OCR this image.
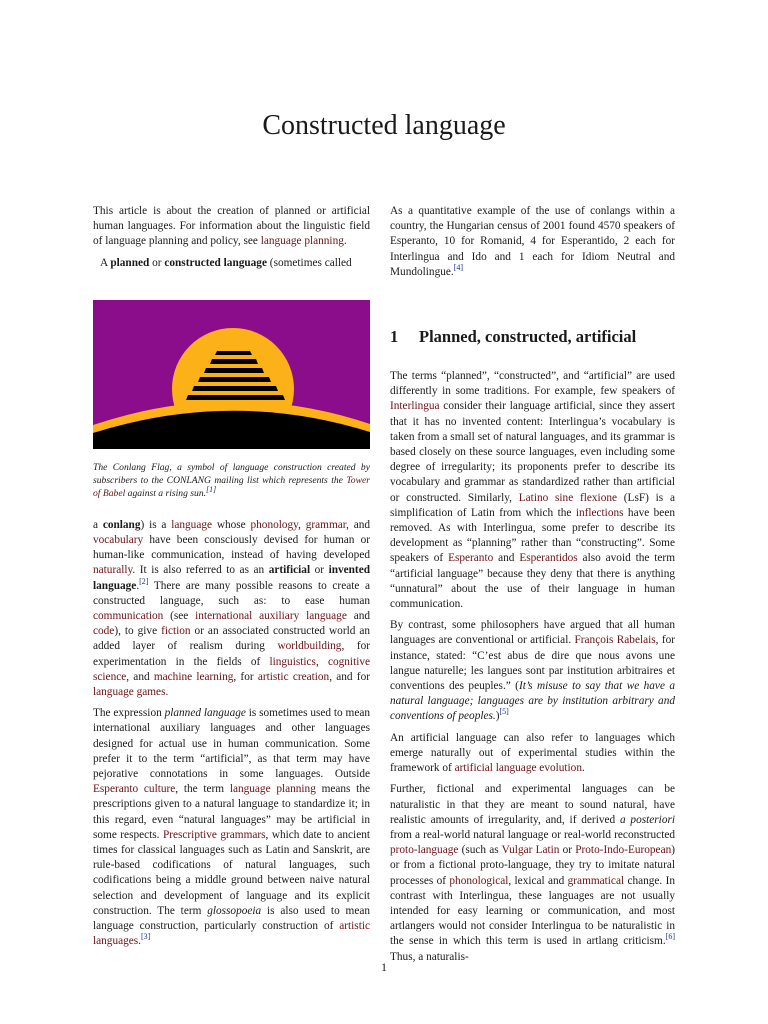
Constructed language

This article is about the creation of planned or artificial human languages. For information about the linguistic field of language planning and policy, see language planning.

A planned or constructed language (sometimes called

The Conlang Flag, a symbol of language construction created by subscribers to the CONLANG mailing list which represents the Tower of Babel against a rising sun.[1]

a conlang) is a language whose phonology, grammar, and vocabulary have been consciously devised for human or human-like communication, instead of having developed naturally. It is also referred to as an artificial or invented language.[2] There are many possible reasons to create a constructed language, such as: to ease human communication (see international auxiliary language and code), to give fiction or an associated constructed world an added layer of realism during worldbuilding, for experimentation in the fields of linguistics, cognitive science, and machine learning, for artistic creation, and for language games.

The expression planned language is sometimes used to mean international auxiliary languages and other languages designed for actual use in human communication. Some prefer it to the term “artificial”, as that term may have pejorative connotations in some languages. Outside Esperanto culture, the term language planning means the prescriptions given to a natural language to standardize it; in this regard, even “natural languages” may be artificial in some respects. Prescriptive grammars, which date to ancient times for classical languages such as Latin and Sanskrit, are rule-based codifications of natural languages, such codifications being a middle ground between naive natural selection and development of language and its explicit construction. The term glossopoeia is also used to mean language construction, particularly construction of artistic languages.[3]

As a quantitative example of the use of conlangs within a country, the Hungarian census of 2001 found 4570 speakers of Esperanto, 10 for Romanid, 4 for Esperantido, 2 each for Interlingua and Ido and 1 each for Idiom Neutral and Mundolingue.[4]

1 Planned, constructed, artificial

The terms “planned”, “constructed”, and “artificial” are used differently in some traditions. For example, few speakers of Interlingua consider their language artificial, since they assert that it has no invented content: Interlingua’s vocabulary is taken from a small set of natural languages, and its grammar is based closely on these source languages, even including some degree of irregularity; its proponents prefer to describe its vocabulary and grammar as standardized rather than artificial or constructed. Similarly, Latino sine flexione (LsF) is a simplification of Latin from which the inflections have been removed. As with Interlingua, some prefer to describe its development as “planning” rather than “constructing”. Some speakers of Esperanto and Esperantidos also avoid the term “artificial language” because they deny that there is anything “unnatural” about the use of their language in human communication.

By contrast, some philosophers have argued that all human languages are conventional or artificial. François Rabelais, for instance, stated: “C’est abus de dire que nous avons une langue naturelle; les langues sont par institution arbitraires et conventions des peuples.” (It’s misuse to say that we have a natural language; languages are by institution arbitrary and conventions of peoples.)[5]

An artificial language can also refer to languages which emerge naturally out of experimental studies within the framework of artificial language evolution.

Further, fictional and experimental languages can be naturalistic in that they are meant to sound natural, have realistic amounts of irregularity, and, if derived a posteriori from a real-world natural language or real-world reconstructed proto-language (such as Vulgar Latin or Proto-Indo-European) or from a fictional proto-language, they try to imitate natural processes of phonological, lexical and grammatical change. In contrast with Interlingua, these languages are not usually intended for easy learning or communication, and most artlangers would not consider Interlingua to be naturalistic in the sense in which this term is used in artlang criticism.[6] Thus, a naturalis-

1
